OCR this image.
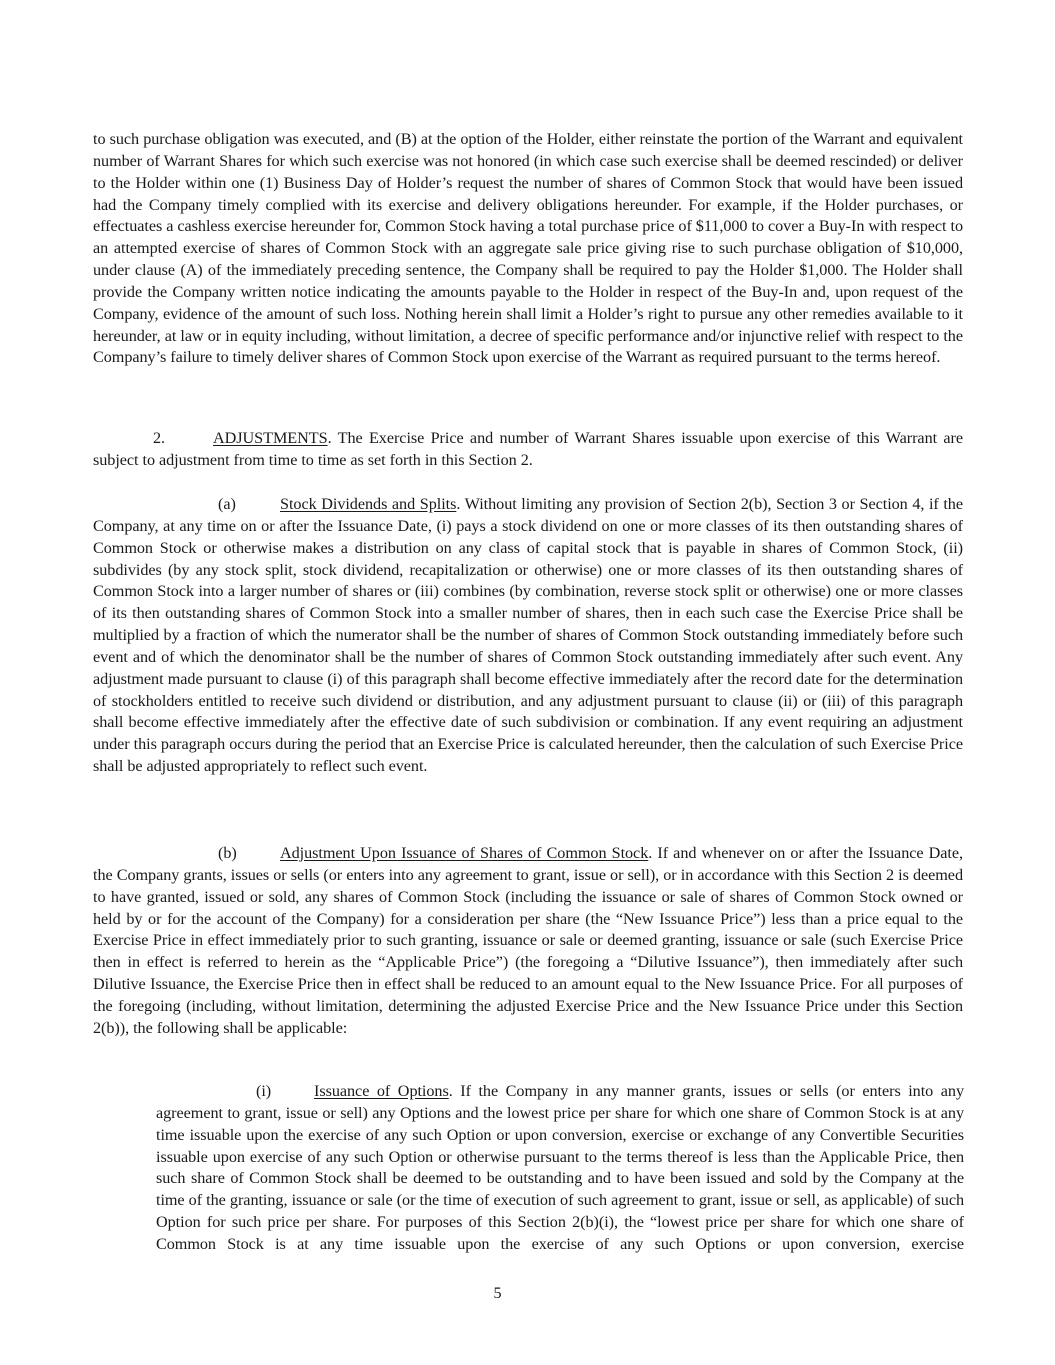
to such purchase obligation was executed, and (B) at the option of the Holder, either reinstate the portion of the Warrant and equivalent number of Warrant Shares for which such exercise was not honored (in which case such exercise shall be deemed rescinded) or deliver to the Holder within one (1) Business Day of Holder’s request the number of shares of Common Stock that would have been issued had the Company timely complied with its exercise and delivery obligations hereunder. For example, if the Holder purchases, or effectuates a cashless exercise hereunder for, Common Stock having a total purchase price of $11,000 to cover a Buy-In with respect to an attempted exercise of shares of Common Stock with an aggregate sale price giving rise to such purchase obligation of $10,000, under clause (A) of the immediately preceding sentence, the Company shall be required to pay the Holder $1,000. The Holder shall provide the Company written notice indicating the amounts payable to the Holder in respect of the Buy-In and, upon request of the Company, evidence of the amount of such loss. Nothing herein shall limit a Holder’s right to pursue any other remedies available to it hereunder, at law or in equity including, without limitation, a decree of specific performance and/or injunctive relief with respect to the Company’s failure to timely deliver shares of Common Stock upon exercise of the Warrant as required pursuant to the terms hereof.
2.	ADJUSTMENTS. The Exercise Price and number of Warrant Shares issuable upon exercise of this Warrant are subject to adjustment from time to time as set forth in this Section 2.
(a)	Stock Dividends and Splits. Without limiting any provision of Section 2(b), Section 3 or Section 4, if the Company, at any time on or after the Issuance Date, (i) pays a stock dividend on one or more classes of its then outstanding shares of Common Stock or otherwise makes a distribution on any class of capital stock that is payable in shares of Common Stock, (ii) subdivides (by any stock split, stock dividend, recapitalization or otherwise) one or more classes of its then outstanding shares of Common Stock into a larger number of shares or (iii) combines (by combination, reverse stock split or otherwise) one or more classes of its then outstanding shares of Common Stock into a smaller number of shares, then in each such case the Exercise Price shall be multiplied by a fraction of which the numerator shall be the number of shares of Common Stock outstanding immediately before such event and of which the denominator shall be the number of shares of Common Stock outstanding immediately after such event. Any adjustment made pursuant to clause (i) of this paragraph shall become effective immediately after the record date for the determination of stockholders entitled to receive such dividend or distribution, and any adjustment pursuant to clause (ii) or (iii) of this paragraph shall become effective immediately after the effective date of such subdivision or combination. If any event requiring an adjustment under this paragraph occurs during the period that an Exercise Price is calculated hereunder, then the calculation of such Exercise Price shall be adjusted appropriately to reflect such event.
(b)	Adjustment Upon Issuance of Shares of Common Stock. If and whenever on or after the Issuance Date, the Company grants, issues or sells (or enters into any agreement to grant, issue or sell), or in accordance with this Section 2 is deemed to have granted, issued or sold, any shares of Common Stock (including the issuance or sale of shares of Common Stock owned or held by or for the account of the Company) for a consideration per share (the “New Issuance Price”) less than a price equal to the Exercise Price in effect immediately prior to such granting, issuance or sale or deemed granting, issuance or sale (such Exercise Price then in effect is referred to herein as the “Applicable Price”) (the foregoing a “Dilutive Issuance”), then immediately after such Dilutive Issuance, the Exercise Price then in effect shall be reduced to an amount equal to the New Issuance Price. For all purposes of the foregoing (including, without limitation, determining the adjusted Exercise Price and the New Issuance Price under this Section 2(b)), the following shall be applicable:
(i)	Issuance of Options. If the Company in any manner grants, issues or sells (or enters into any agreement to grant, issue or sell) any Options and the lowest price per share for which one share of Common Stock is at any time issuable upon the exercise of any such Option or upon conversion, exercise or exchange of any Convertible Securities issuable upon exercise of any such Option or otherwise pursuant to the terms thereof is less than the Applicable Price, then such share of Common Stock shall be deemed to be outstanding and to have been issued and sold by the Company at the time of the granting, issuance or sale (or the time of execution of such agreement to grant, issue or sell, as applicable) of such Option for such price per share. For purposes of this Section 2(b)(i), the “lowest price per share for which one share of Common Stock is at any time issuable upon the exercise of any such Options or upon conversion, exercise
5
